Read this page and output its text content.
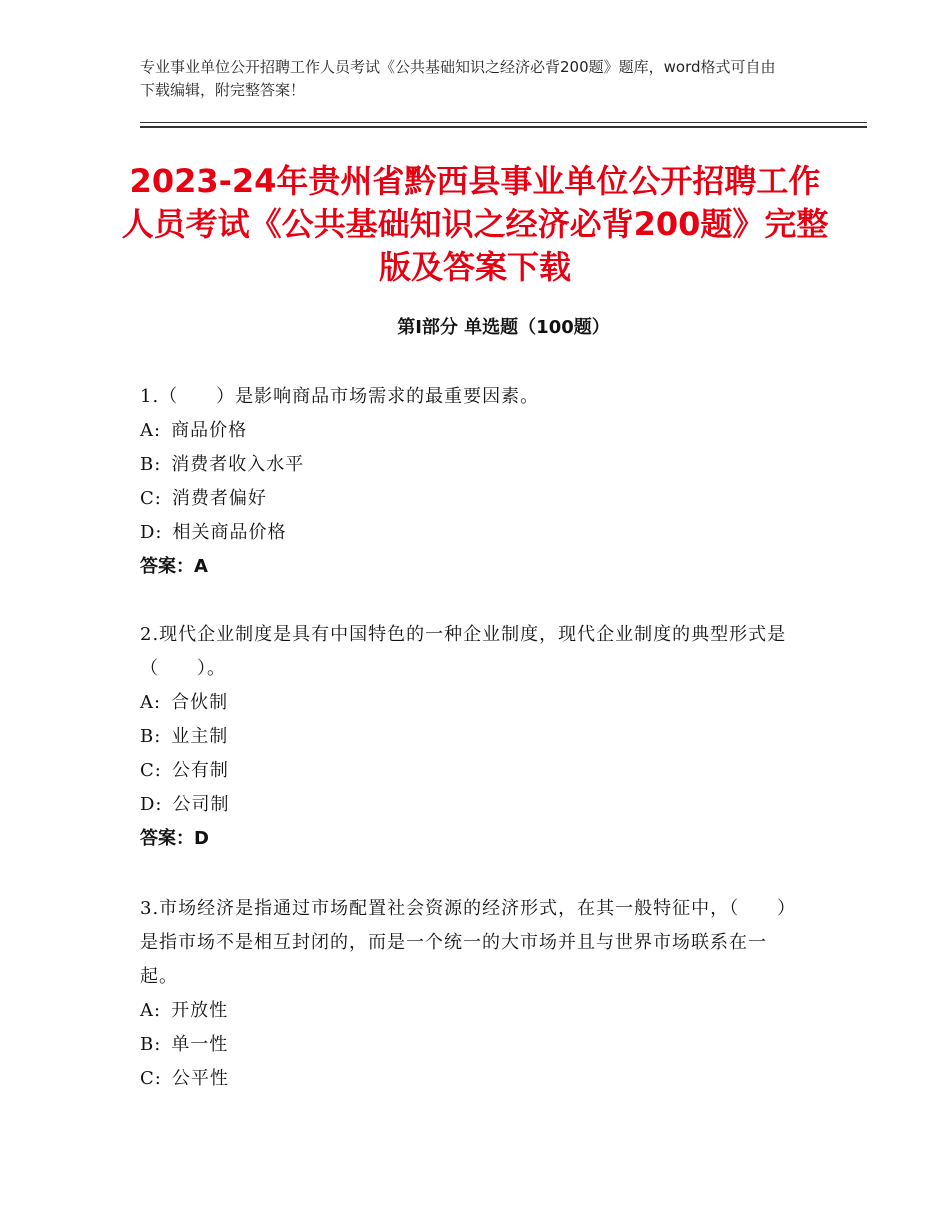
专业事业单位公开招聘工作人员考试《公共基础知识之经济必背200题》题库，word格式可自由下载编辑，附完整答案！
2023-24年贵州省黔西县事业单位公开招聘工作人员考试《公共基础知识之经济必背200题》完整版及答案下载
第Ⅰ部分 单选题（100题）

1.（　　）是影响商品市场需求的最重要因素。

A: 商品价格

B: 消费者收入水平

C: 消费者偏好

D: 相关商品价格

答案：A

2.现代企业制度是具有中国特色的一种企业制度，现代企业制度的典型形式是（　　）。

A: 合伙制

B: 业主制

C: 公有制

D: 公司制

答案：D

3.市场经济是指通过市场配置社会资源的经济形式，在其一般特征中，（　　）是指市场不是相互封闭的，而是一个统一的大市场并且与世界市场联系在一起。

A: 开放性

B: 单一性

C: 公平性
